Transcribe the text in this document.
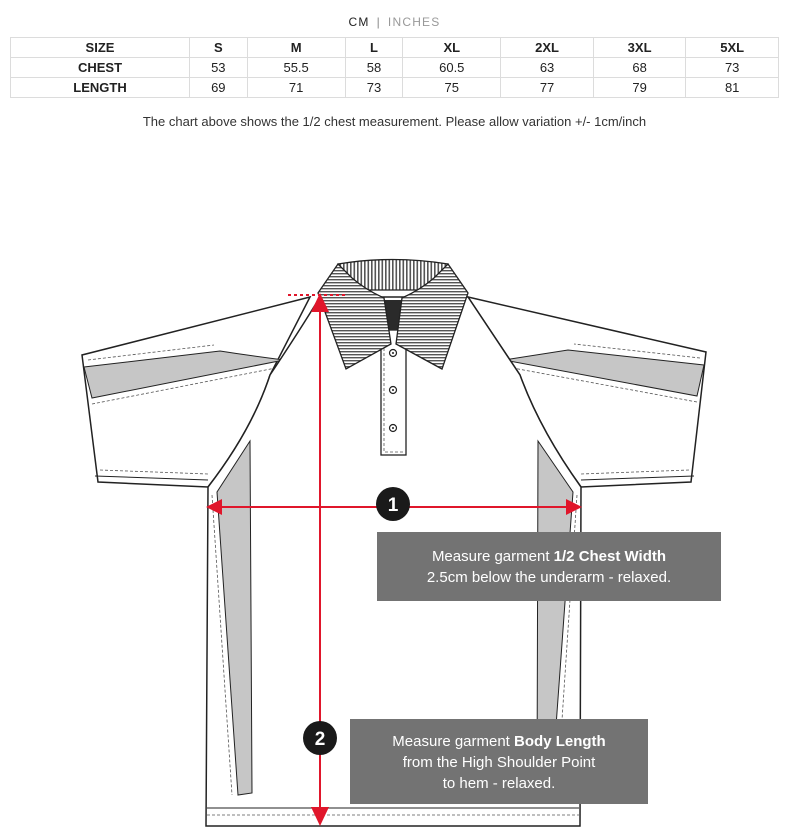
CM | INCHES
SIZE	S	M	L	XL	2XL	3XL	5XL
CHEST	53	55.5	58	60.5	63	68	73
LENGTH	69	71	73	75	77	79	81
The chart above shows the 1/2 chest measurement. Please allow variation +/- 1cm/inch
1
2
Measure garment 1/2 Chest Width
2.5cm below the underarm - relaxed.
Measure garment Body Length
from the High Shoulder Point
to hem - relaxed.
